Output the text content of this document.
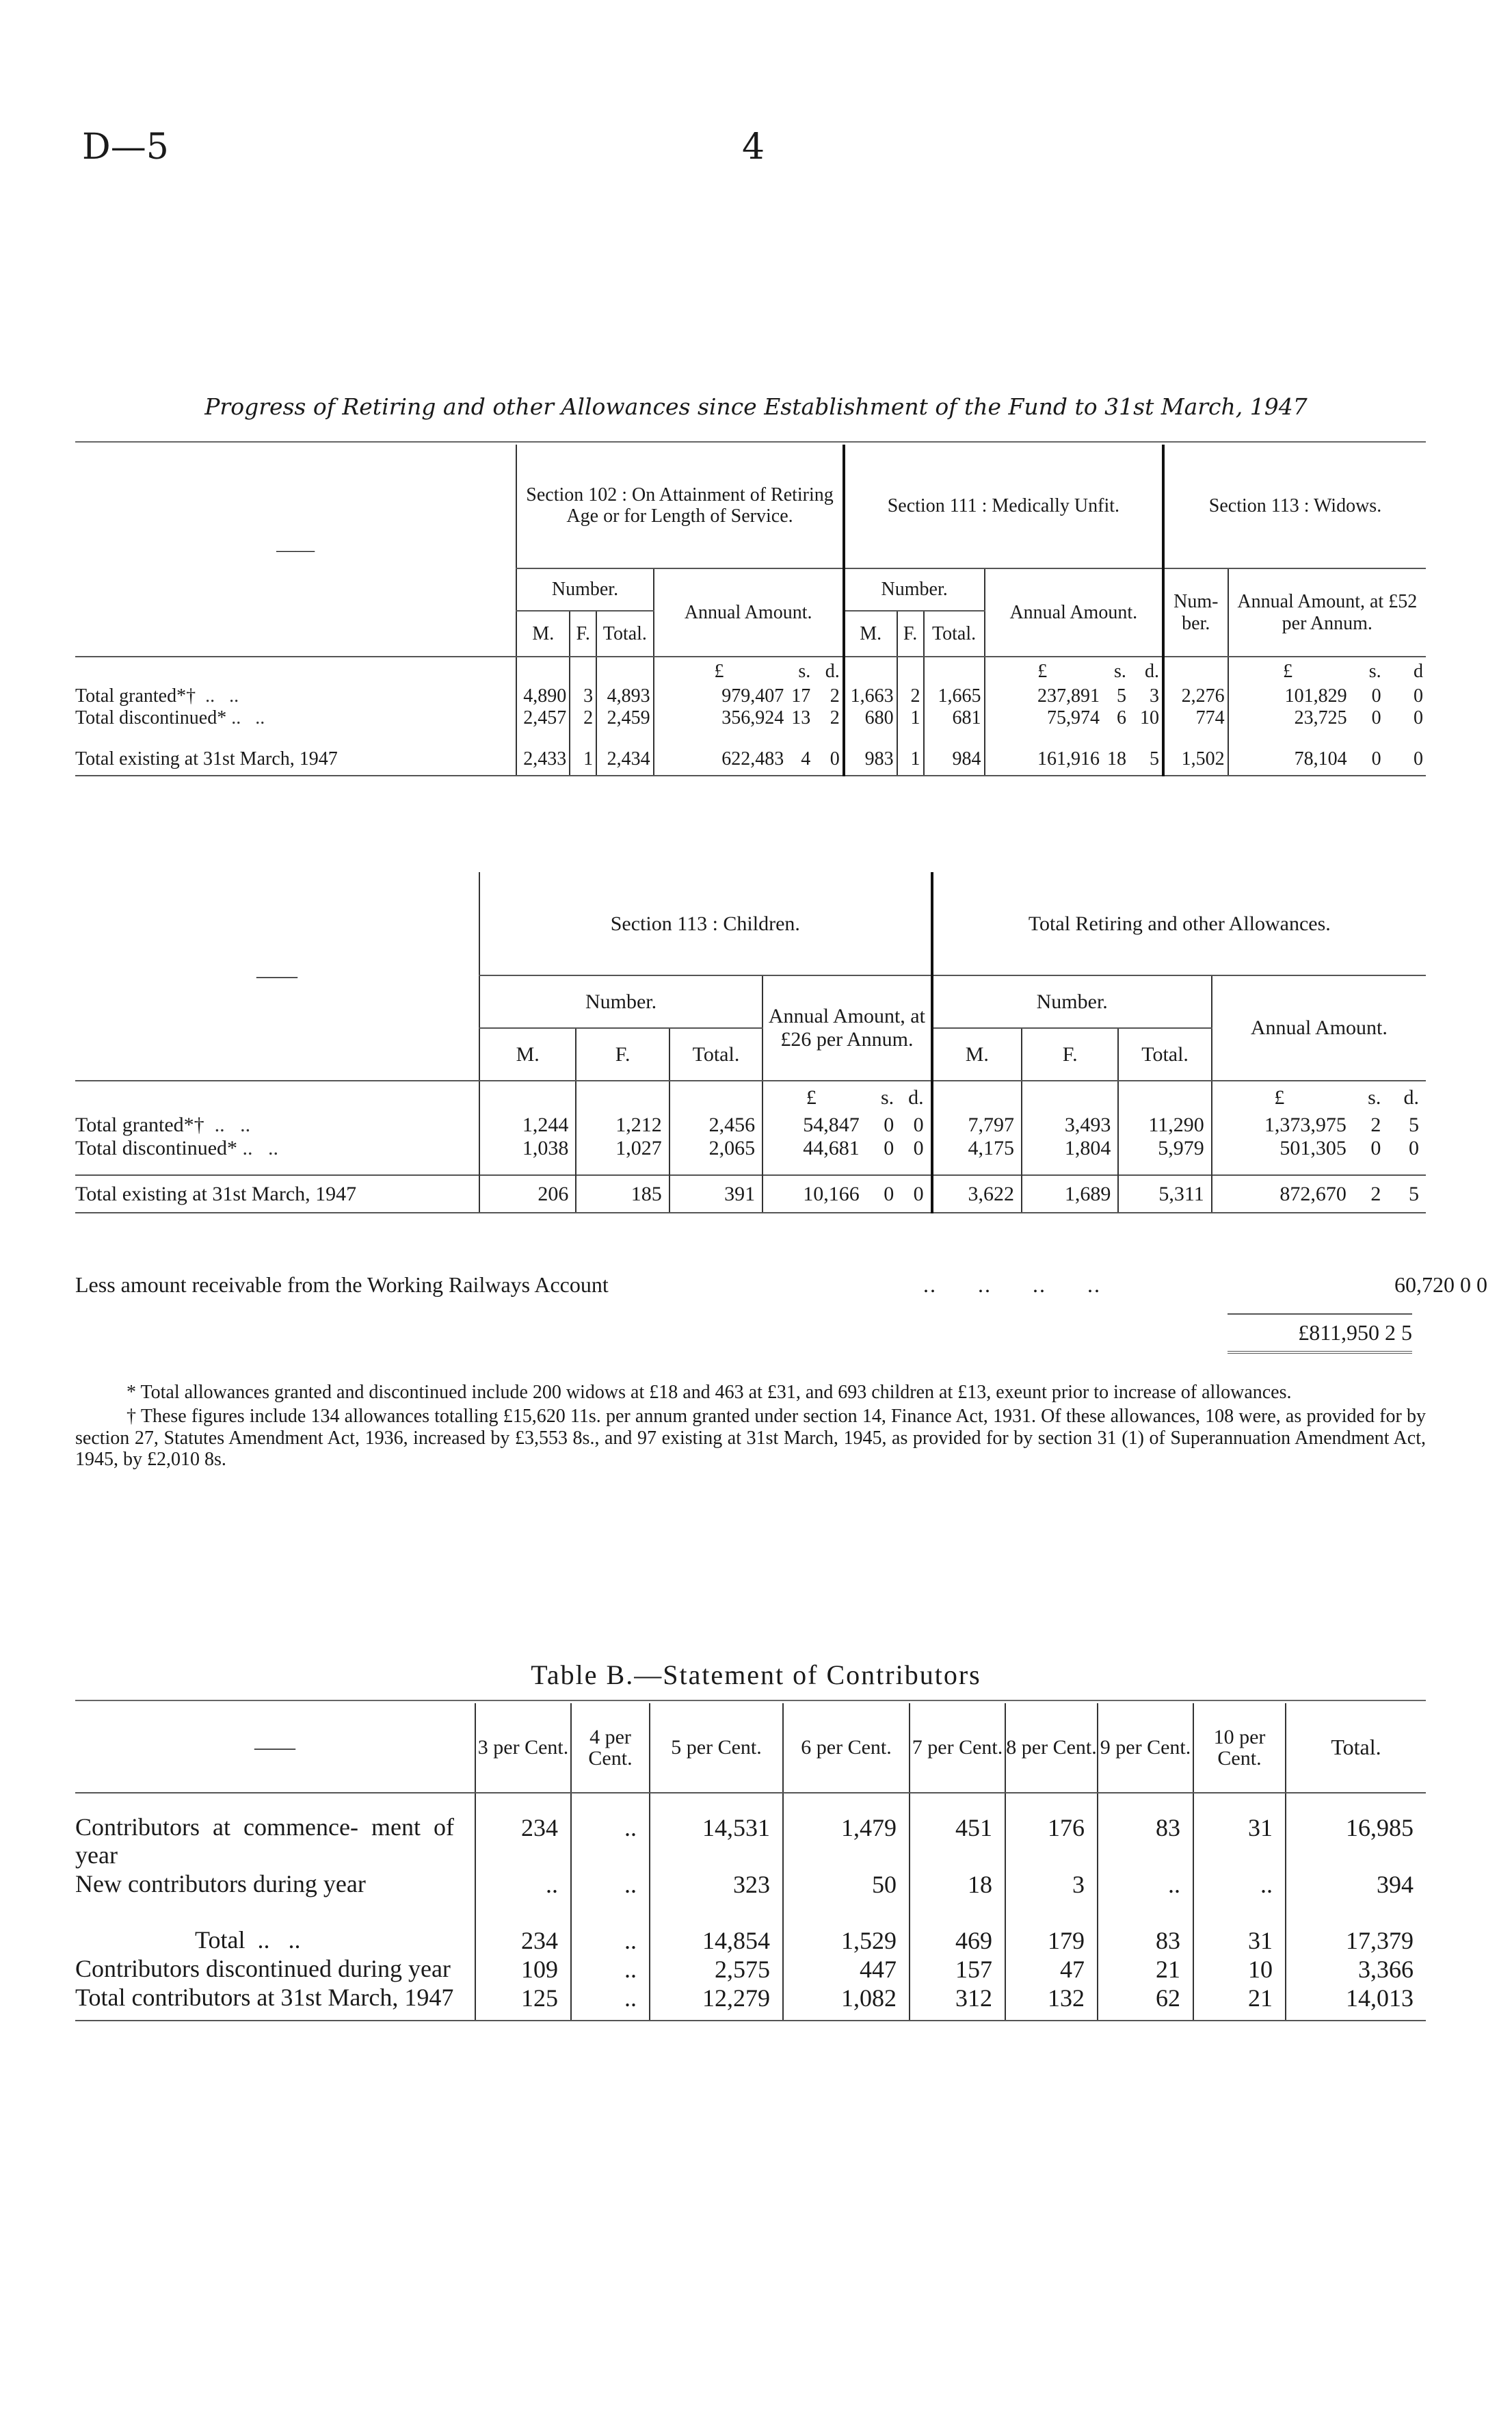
D—5	4
Progress of Retiring and other Allowances since Establishment of the Fund to 31st March, 1947
——	Section 102 : On Attainment of Retiring Age or for Length of Service.						Section 111 : Medically Unfit.						Section 113 : Widows.			
	Number.			Annual Amount.			Number.			Annual Amount.			Num- ber.	Annual Amount, at £52 per Annum.		
	M.	F.	Total.				M.	F.	Total.							
				£	s.	d.				£	s.	d.		£	s.	d
Total granted*†  ..   ..	4,890	3	4,893	979,407	17	2	1,663	2	1,665	237,891	5	3	2,276	101,829	0	0
Total discontinued* ..   ..	2,457	2	2,459	356,924	13	2	680	1	681	75,974	6	10	774	23,725	0	0

Total existing at 31st March, 1947	2,433	1	2,434	622,483	4	0	983	1	984	161,916	18	5	1,502	78,104	0	0
——	Section 113 : Children.						Total Retiring and other Allowances.					
	Number.			Annual Amount, at £26 per Annum.			Number.			Annual Amount.		
	M.	F.	Total.				M.	F.	Total.			
				£	s.	d.				£	s.	d.
Total granted*†  ..   ..	1,244	1,212	2,456	54,847	0	0	7,797	3,493	11,290	1,373,975	2	5
Total discontinued* ..   ..	1,038	1,027	2,065	44,681	0	0	4,175	1,804	5,979	501,305	0	0

Total existing at 31st March, 1947	206	185	391	10,166	0	0	3,622	1,689	5,311	872,670	2	5
Less amount receivable from the Working Railways Account	..      ..      ..      ..	60,720 0 0
£811,950 2 5

* Total allowances granted and discontinued include 200 widows at £18 and 463 at £31, and 693 children at £13, exeunt prior to increase of allowances.

† These figures include 134 allowances totalling £15,620 11s. per annum granted under section 14, Finance Act, 1931. Of these allowances, 108 were, as provided for by section 27, Statutes Amendment Act, 1936, increased by £3,553 8s., and 97 existing at 31st March, 1945, as provided for by section 31 (1) of Superannuation Amendment Act, 1945, by £2,010 8s.

Table B.—Statement of Contributors
——	3 per Cent.	4 per Cent.	5 per Cent.	6 per Cent.	7 per Cent.	8 per Cent.	9 per Cent.	10 per Cent.	Total.

Contributors at commence- ment of year	234	..	14,531	1,479	451	176	83	31	16,985
New contributors during year	..	..	323	50	18	3	..	..	394

Total  ..   ..	234	..	14,854	1,529	469	179	83	31	17,379
Contributors discontinued during year	109	..	2,575	447	157	47	21	10	3,366
Total contributors at 31st March, 1947	125	..	12,279	1,082	312	132	62	21	14,013
